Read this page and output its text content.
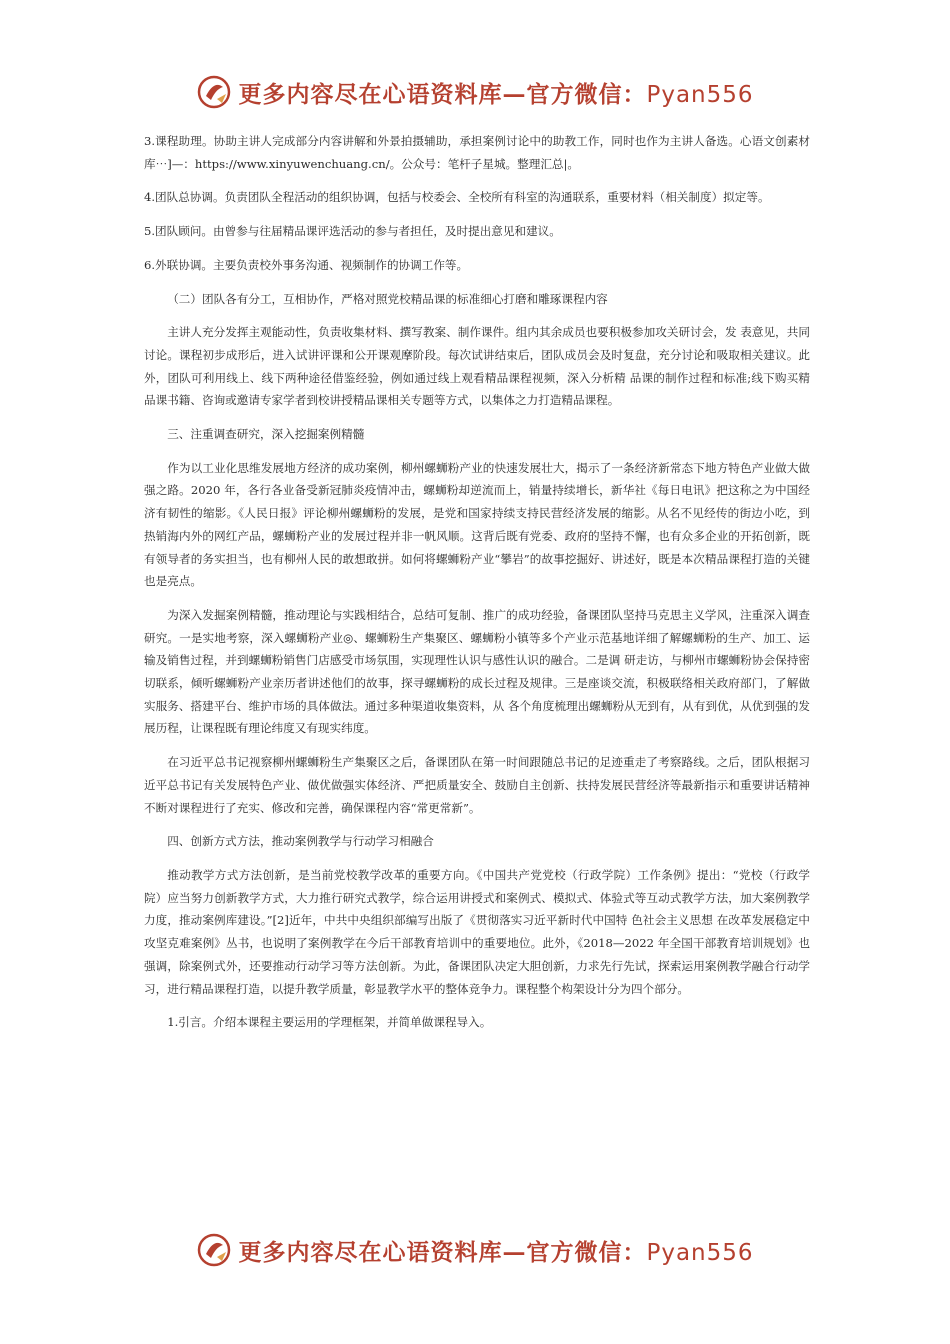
更多内容尽在心语资料库—官方微信：Pyan556

3.课程助理。协助主讲人完成部分内容讲解和外景拍摄辅助，承担案例讨论中的助教工作，同时也作为主讲人备选。心语文创素材库⋯]—：https://www.xinyuwenchuang.cn/。公众号：笔杆子星城。整理汇总|。

4.团队总协调。负责团队全程活动的组织协调，包括与校委会、全校所有科室的沟通联系，重要材料（相关制度）拟定等。

5.团队顾问。由曾参与往届精品课评选活动的参与者担任，及时提出意见和建议。

6.外联协调。主要负责校外事务沟通、视频制作的协调工作等。

（二）团队各有分工，互相协作，严格对照党校精品课的标准细心打磨和雕琢课程内容

主讲人充分发挥主观能动性，负责收集材料、撰写教案、制作课件。组内其余成员也要积极参加攻关研讨会，发 表意见，共同讨论。课程初步成形后，进入试讲评课和公开课观摩阶段。每次试讲结束后，团队成员会及时复盘，充分讨论和吸取相关建议。此外，团队可利用线上、线下两种途径借鉴经验，例如通过线上观看精品课程视频，深入分析精 品课的制作过程和标准;线下购买精品课书籍、咨询或邀请专家学者到校讲授精品课相关专题等方式，以集体之力打造精品课程。

三、注重调查研究，深入挖掘案例精髓

作为以工业化思维发展地方经济的成功案例，柳州螺蛳粉产业的快速发展壮大，揭示了一条经济新常态下地方特色产业做大做强之路。2020 年，各行各业备受新冠肺炎疫情冲击，螺蛳粉却逆流而上，销量持续增长，新华社《每日电讯》把这称之为中国经济有韧性的缩影。《人民日报》评论柳州螺蛳粉的发展，是党和国家持续支持民营经济发展的缩影。从名不见经传的街边小吃，到热销海内外的网红产品，螺蛳粉产业的发展过程并非一帆风顺。这背后既有党委、政府的坚持不懈，也有众多企业的开拓创新，既有领导者的务实担当，也有柳州人民的敢想敢拼。如何将螺蛳粉产业“攀岩”的故事挖掘好、讲述好，既是本次精品课程打造的关键也是亮点。

为深入发掘案例精髓，推动理论与实践相结合，总结可复制、推广的成功经验，备课团队坚持马克思主义学风，注重深入调查研究。一是实地考察，深入螺蛳粉产业◎、螺蛳粉生产集聚区、螺蛳粉小镇等多个产业示范基地详细了解螺蛳粉的生产、加工、运输及销售过程，并到螺蛳粉销售门店感受市场氛围，实现理性认识与感性认识的融合。二是调 研走访，与柳州市螺蛳粉协会保持密切联系，倾听螺蛳粉产业亲历者讲述他们的故事，探寻螺蛳粉的成长过程及规律。三是座谈交流，积极联络相关政府部门，了解做实服务、搭建平台、维护市场的具体做法。通过多种渠道收集资料，从 各个角度梳理出螺蛳粉从无到有，从有到优，从优到强的发展历程，让课程既有理论纬度又有现实纬度。

在习近平总书记视察柳州螺蛳粉生产集聚区之后，备课团队在第一时间跟随总书记的足迹重走了考察路线。之后，团队根据习近平总书记有关发展特色产业、做优做强实体经济、严把质量安全、鼓励自主创新、扶持发展民营经济等最新指示和重要讲话精神不断对课程进行了充实、修改和完善，确保课程内容“常更常新”。

四、创新方式方法，推动案例教学与行动学习相融合

推动教学方式方法创新，是当前党校教学改革的重要方向。《中国共产党党校（行政学院）工作条例》提出：“党校（行政学院）应当努力创新教学方式，大力推行研究式教学，综合运用讲授式和案例式、模拟式、体验式等互动式教学方法，加大案例教学力度，推动案例库建设。”[2]近年，中共中央组织部编写出版了《贯彻落实习近平新时代中国特 色社会主义思想 在改革发展稳定中攻坚克难案例》丛书，也说明了案例教学在今后干部教育培训中的重要地位。此外，《2018—2022 年全国干部教育培训规划》也强调，除案例式外，还要推动行动学习等方法创新。为此，备课团队决定大胆创新，力求先行先试，探索运用案例教学融合行动学习，进行精品课程打造，以提升教学质量，彰显教学水平的整体竞争力。课程整个构架设计分为四个部分。

1.引言。介绍本课程主要运用的学理框架，并简单做课程导入。

更多内容尽在心语资料库—官方微信：Pyan556
